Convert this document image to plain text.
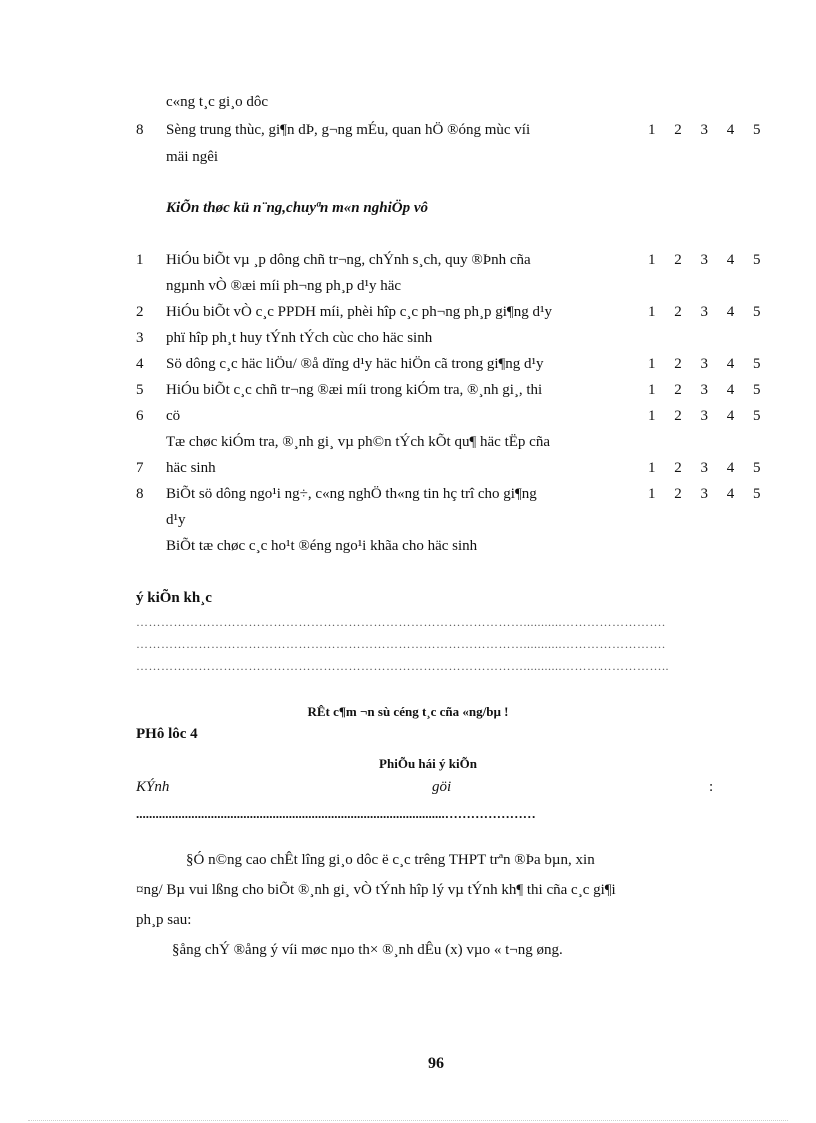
c«ng t¸c gi¸o dôc
8 Sèng trung thùc, gi¶n dÞ, g¬ng mÉu, quan hÖ ®óng mùc víi	1 2 3 4 5
mäi ngêi
KiÕn thøc kü n¨ng,chuyªn m«n nghiÖp vô
1 HiÓu biÕt vµ ¸p dông chñ tr¬ng, chÝnh s¸ch, quy ®Þnh cña	1 2 3 4 5
ngµnh vÒ ®æi míi ph¬ng ph¸p d¹y häc
2 HiÓu biÕt vÒ c¸c PPDH míi, phèi hîp c¸c ph¬ng ph¸p gi¶ng d¹y	1 2 3 4 5
3 phï hîp ph¸t huy tÝnh tÝch cùc cho häc sinh
4 Sö dông c¸c häc liÖu/ ®å dïng d¹y häc hiÖn cã trong gi¶ng d¹y	1 2 3 4 5
5 HiÓu biÕt c¸c chñ tr¬ng ®æi míi trong kiÓm tra, ®¸nh gi¸, thi	1 2 3 4 5
6 cö	1 2 3 4 5
Tæ chøc kiÓm tra, ®¸nh gi¸ vµ ph©n tÝch kÕt qu¶ häc tËp cña
7 häc sinh	1 2 3 4 5
8 BiÕt sö dông ngo¹i ng÷, c«ng nghÖ th«ng tin hç trî cho gi¶ng	1 2 3 4 5
d¹y
BiÕt tæ chøc c¸c ho¹t ®éng ngo¹i khãa cho häc sinh
ý kiÕn kh¸c
…………………………………………………………………………………...........…………………….
…………………………………………………………………………………...........…………………….
…………………………………………………………………………………...........……………………..
RÊt c¶m ¬n sù céng t¸c cña «ng/bµ !
PHô lôc 4
PhiÕu hái ý kiÕn
KÝnh	göi	:
...............................................................................................…………………
§Ó n©ng cao chÊt lîng gi¸o dôc ë c¸c trêng THPT trªn ®Þa bµn, xin
¤ng/ Bµ vui lßng cho biÕt ®¸nh gi¸ vÒ tÝnh hîp lý vµ tÝnh kh¶ thi cña c¸c gi¶i
ph¸p sau:
§ång chÝ ®ång ý víi møc nµo th× ®¸nh dÊu (x) vµo « t¬ng øng.
96
